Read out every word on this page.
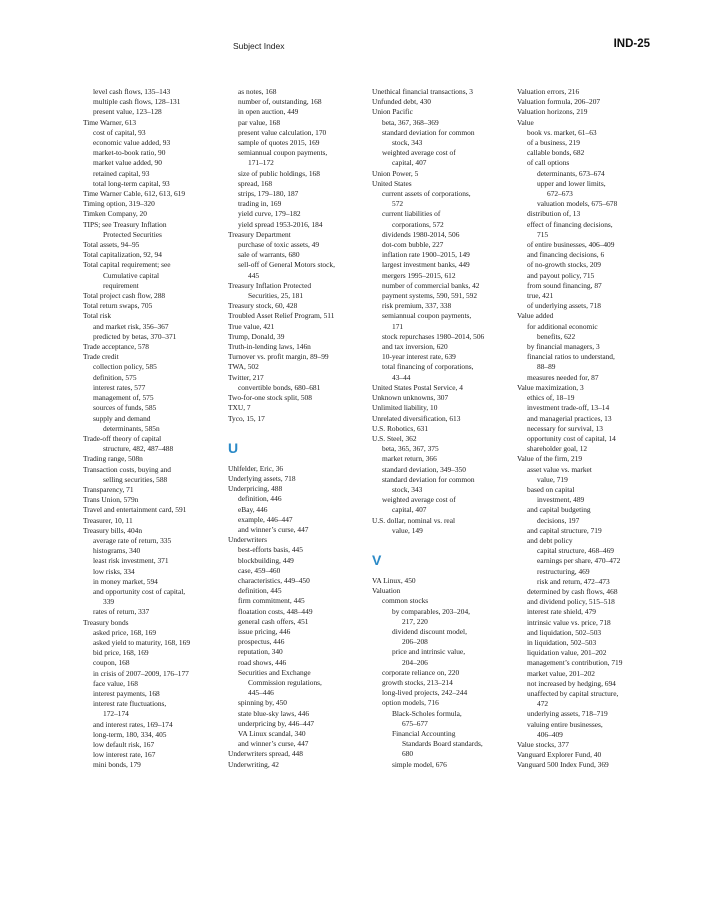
Subject Index	IND-25
level cash flows, 135–143
multiple cash flows, 128–131
present value, 123–128
Time Warner, 613
cost of capital, 93
economic value added, 93
market-to-book ratio, 90
market value added, 90
retained capital, 93
total long-term capital, 93
Time Warner Cable, 612, 613, 619
Timing option, 319–320
Timken Company, 20
TIPS; see Treasury Inflation
Protected Securities
Total assets, 94–95
Total capitalization, 92, 94
Total capital requirement; see
Cumulative capital
requirement
Total project cash flow, 288
Total return swaps, 705
Total risk
and market risk, 356–367
predicted by betas, 370–371
Trade acceptance, 578
Trade credit
collection policy, 585
definition, 575
interest rates, 577
management of, 575
sources of funds, 585
supply and demand
determinants, 585n
Trade-off theory of capital
structure, 482, 487–488
Trading range, 508n
Transaction costs, buying and
selling securities, 588
Transparency, 71
Trans Union, 579n
Travel and entertainment card, 591
Treasurer, 10, 11
Treasury bills, 404n
average rate of return, 335
histograms, 340
least risk investment, 371
low risks, 334
in money market, 594
and opportunity cost of capital,
339
rates of return, 337
Treasury bonds
asked price, 168, 169
asked yield to maturity, 168, 169
bid price, 168, 169
coupon, 168
in crisis of 2007–2009, 176–177
face value, 168
interest payments, 168
interest rate fluctuations,
172–174
and interest rates, 169–174
long-term, 180, 334, 405
low default risk, 167
low interest rate, 167
mini bonds, 179
as notes, 168
number of, outstanding, 168
in open auction, 449
par value, 168
present value calculation, 170
sample of quotes 2015, 169
semiannual coupon payments,
171–172
size of public holdings, 168
spread, 168
strips, 179–180, 187
trading in, 169
yield curve, 179–182
yield spread 1953-2016, 184
Treasury Department
purchase of toxic assets, 49
sale of warrants, 680
sell-off of General Motors stock,
445
Treasury Inflation Protected
Securities, 25, 181
Treasury stock, 60, 428
Troubled Asset Relief Program, 511
True value, 421
Trump, Donald, 39
Truth-in-lending laws, 146n
Turnover vs. profit margin, 89–99
TWA, 502
Twitter, 217
convertible bonds, 680–681
Two-for-one stock split, 508
TXU, 7
Tyco, 15, 17
U
Uhlfelder, Eric, 36
Underlying assets, 718
Underpricing, 488
definition, 446
eBay, 446
example, 446–447
and winner’s curse, 447
Underwriters
best-efforts basis, 445
blockbuilding, 449
case, 459–460
characteristics, 449–450
definition, 445
firm commitment, 445
floatation costs, 448–449
general cash offers, 451
issue pricing, 446
prospectus, 446
reputation, 340
road shows, 446
Securities and Exchange
Commission regulations,
445–446
spinning by, 450
state blue-sky laws, 446
underpricing by, 446–447
VA Linux scandal, 340
and winner’s curse, 447
Underwriters spread, 448
Underwriting, 42
Unethical financial transactions, 3
Unfunded debt, 430
Union Pacific
beta, 367, 368–369
standard deviation for common
stock, 343
weighted average cost of
capital, 407
Union Power, 5
United States
current assets of corporations,
572
current liabilities of
corporations, 572
dividends 1980-2014, 506
dot-com bubble, 227
inflation rate 1900–2015, 149
largest investment banks, 449
mergers 1995–2015, 612
number of commercial banks, 42
payment systems, 590, 591, 592
risk premium, 337, 338
semiannual coupon payments,
171
stock repurchases 1980–2014, 506
and tax inversion, 620
10-year interest rate, 639
total financing of corporations,
43–44
United States Postal Service, 4
Unknown unknowns, 307
Unlimited liability, 10
Unrelated diversification, 613
U.S. Robotics, 631
U.S. Steel, 362
beta, 365, 367, 375
market return, 366
standard deviation, 349–350
standard deviation for common
stock, 343
weighted average cost of
capital, 407
U.S. dollar, nominal vs. real
value, 149
V
VA Linux, 450
Valuation
common stocks
by comparables, 203–204,
217, 220
dividend discount model,
206–208
price and intrinsic value,
204–206
corporate reliance on, 220
growth stocks, 213–214
long-lived projects, 242–244
option models, 716
Black-Scholes formula,
675–677
Financial Accounting
Standards Board standards,
680
simple model, 676
Valuation errors, 216
Valuation formula, 206–207
Valuation horizons, 219
Value
book vs. market, 61–63
of a business, 219
callable bonds, 682
of call options
determinants, 673–674
upper and lower limits,
672–673
valuation models, 675–678
distribution of, 13
effect of financing decisions,
715
of entire businesses, 406–409
and financing decisions, 6
of no-growth stocks, 209
and payout policy, 715
from sound financing, 87
true, 421
of underlying assets, 718
Value added
for additional economic
benefits, 622
by financial managers, 3
financial ratios to understand,
88–89
measures needed for, 87
Value maximization, 3
ethics of, 18–19
investment trade-off, 13–14
and managerial practices, 13
necessary for survival, 13
opportunity cost of capital, 14
shareholder goal, 12
Value of the firm, 219
asset value vs. market
value, 719
based on capital
investment, 489
and capital budgeting
decisions, 197
and capital structure, 719
and debt policy
capital structure, 468–469
earnings per share, 470–472
restructuring, 469
risk and return, 472–473
determined by cash flows, 468
and dividend policy, 515–518
interest rate shield, 479
intrinsic value vs. price, 718
and liquidation, 502–503
in liquidation, 502–503
liquidation value, 201–202
management’s contribution, 719
market value, 201–202
not increased by hedging, 694
unaffected by capital structure,
472
underlying assets, 718–719
valuing entire businesses,
406–409
Value stocks, 377
Vanguard Explorer Fund, 40
Vanguard 500 Index Fund, 369
